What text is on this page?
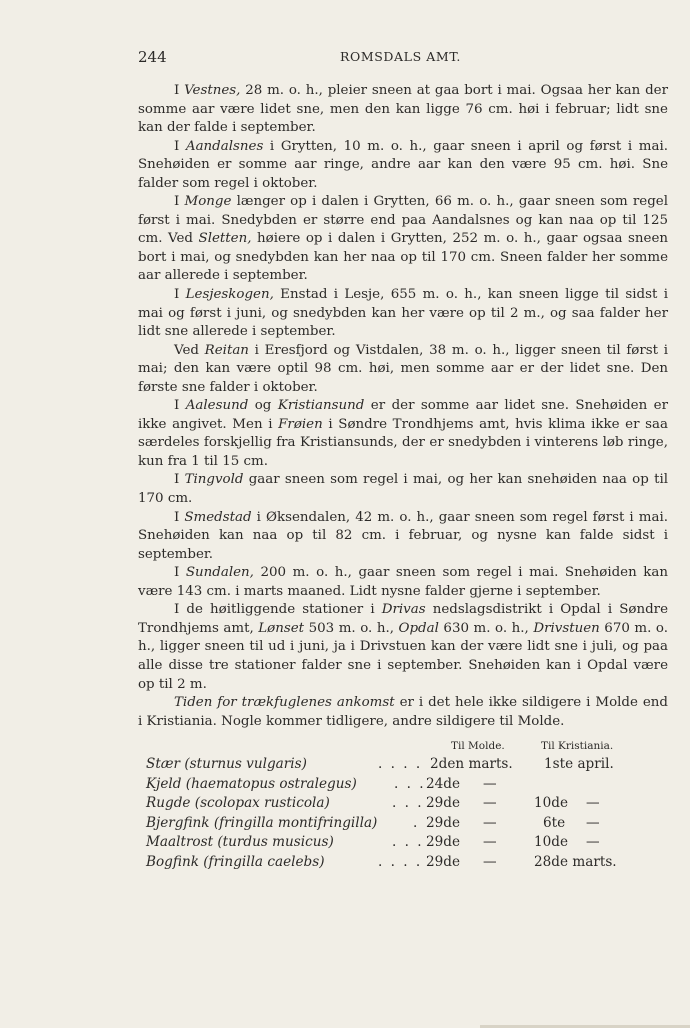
244	ROMSDALS AMT.

I Vestnes, 28 m. o. h., pleier sneen at gaa bort i mai. Ogsaa her kan der somme aar være lidet sne, men den kan ligge 76 cm. høi i februar; lidt sne kan der falde i september.

I Aandalsnes i Grytten, 10 m. o. h., gaar sneen i april og først i mai. Snehøiden er somme aar ringe, andre aar kan den være 95 cm. høi. Sne falder som regel i oktober.

I Monge længer op i dalen i Grytten, 66 m. o. h., gaar sneen som regel først i mai. Snedybden er større end paa Aandalsnes og kan naa op til 125 cm. Ved Sletten, høiere op i dalen i Grytten, 252 m. o. h., gaar ogsaa sneen bort i mai, og snedybden kan her naa op til 170 cm. Sneen falder her somme aar allerede i september.

I Lesjeskogen, Enstad i Lesje, 655 m. o. h., kan sneen ligge til sidst i mai og først i juni, og snedybden kan her være op til 2 m., og saa falder her lidt sne allerede i september.

Ved Reitan i Eresfjord og Vistdalen, 38 m. o. h., ligger sneen til først i mai; den kan være optil 98 cm. høi, men somme aar er der lidet sne. Den første sne falder i oktober.

I Aalesund og Kristiansund er der somme aar lidet sne. Snehøiden er ikke angivet. Men i Frøien i Søndre Trondhjems amt, hvis klima ikke er saa særdeles forskjellig fra Kristiansunds, der er snedybden i vinterens løb ringe, kun fra 1 til 15 cm.

I Tingvold gaar sneen som regel i mai, og her kan snehøiden naa op til 170 cm.

I Smedstad i Øksendalen, 42 m. o. h., gaar sneen som regel først i mai. Snehøiden kan naa op til 82 cm. i februar, og nysne kan falde sidst i september.

I Sundalen, 200 m. o. h., gaar sneen som regel i mai. Snehøiden kan være 143 cm. i marts maaned. Lidt nysne falder gjerne i september.

I de høitliggende stationer i Drivas nedslagsdistrikt i Opdal i Søndre Trondhjems amt, Lønset 503 m. o. h., Opdal 630 m. o. h., Drivstuen 670 m. o. h., ligger sneen til ud i juni, ja i Drivstuen kan der være lidt sne i juli, og paa alle disse tre stationer falder sne i september. Snehøiden kan i Opdal være op til 2 m.

Tiden for trækfuglenes ankomst er i det hele ikke sildigere i Molde end i Kristiania. Nogle kommer tidligere, andre sildigere til Molde.

Til Molde.	Til Kristiania.
Stær (sturnus vulgaris)	. . . . 2den marts. 1ste april.
Kjeld (haematopus ostralegus)	. . . 24de —
Rugde (scolopax rusticola)	. . . 29de —	10de —
Bjergfink (fringilla montifringilla)	. 29de —	6te —
Maaltrost (turdus musicus)	. . . 29de —	10de —
Bogfink (fringilla caelebs)	. . . . 29de —	28de marts.
